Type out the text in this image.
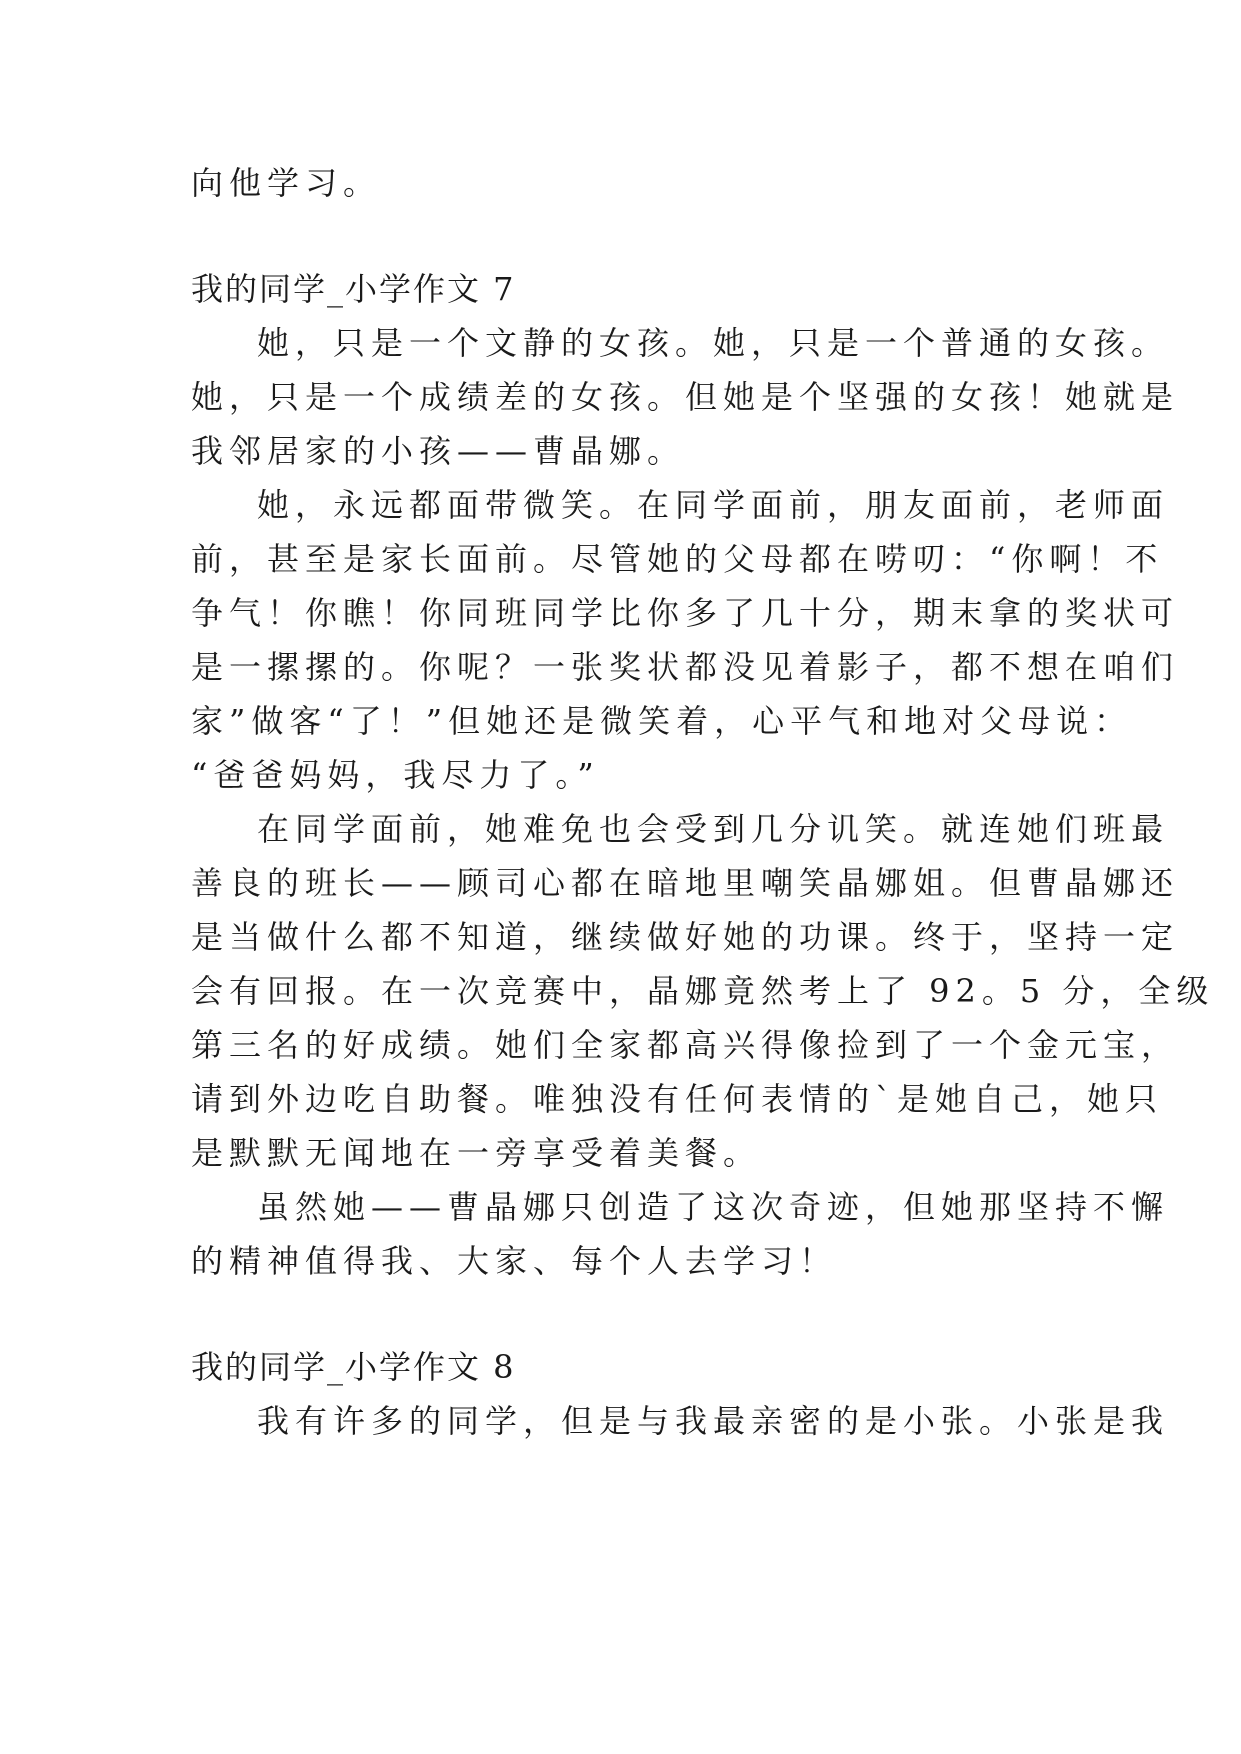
向他学习。
我的同学_小学作文 7
她，只是一个文静的女孩。她，只是一个普通的女孩。
她，只是一个成绩差的女孩。但她是个坚强的女孩！她就是
我邻居家的小孩——曹晶娜。
她，永远都面带微笑。在同学面前，朋友面前，老师面
前，甚至是家长面前。尽管她的父母都在唠叨：“你啊！不
争气！你瞧！你同班同学比你多了几十分，期末拿的奖状可
是一摞摞的。你呢？一张奖状都没见着影子，都不想在咱们
家”做客“了！”但她还是微笑着，心平气和地对父母说：
“爸爸妈妈，我尽力了。”
在同学面前，她难免也会受到几分讥笑。就连她们班最
善良的班长——顾司心都在暗地里嘲笑晶娜姐。但曹晶娜还
是当做什么都不知道，继续做好她的功课。终于，坚持一定
会有回报。在一次竞赛中，晶娜竟然考上了 92。5 分，全级
第三名的好成绩。她们全家都高兴得像捡到了一个金元宝，
请到外边吃自助餐。唯独没有任何表情的`是她自己，她只
是默默无闻地在一旁享受着美餐。
虽然她——曹晶娜只创造了这次奇迹，但她那坚持不懈
的精神值得我、大家、每个人去学习！
我的同学_小学作文 8
我有许多的同学，但是与我最亲密的是小张。小张是我
